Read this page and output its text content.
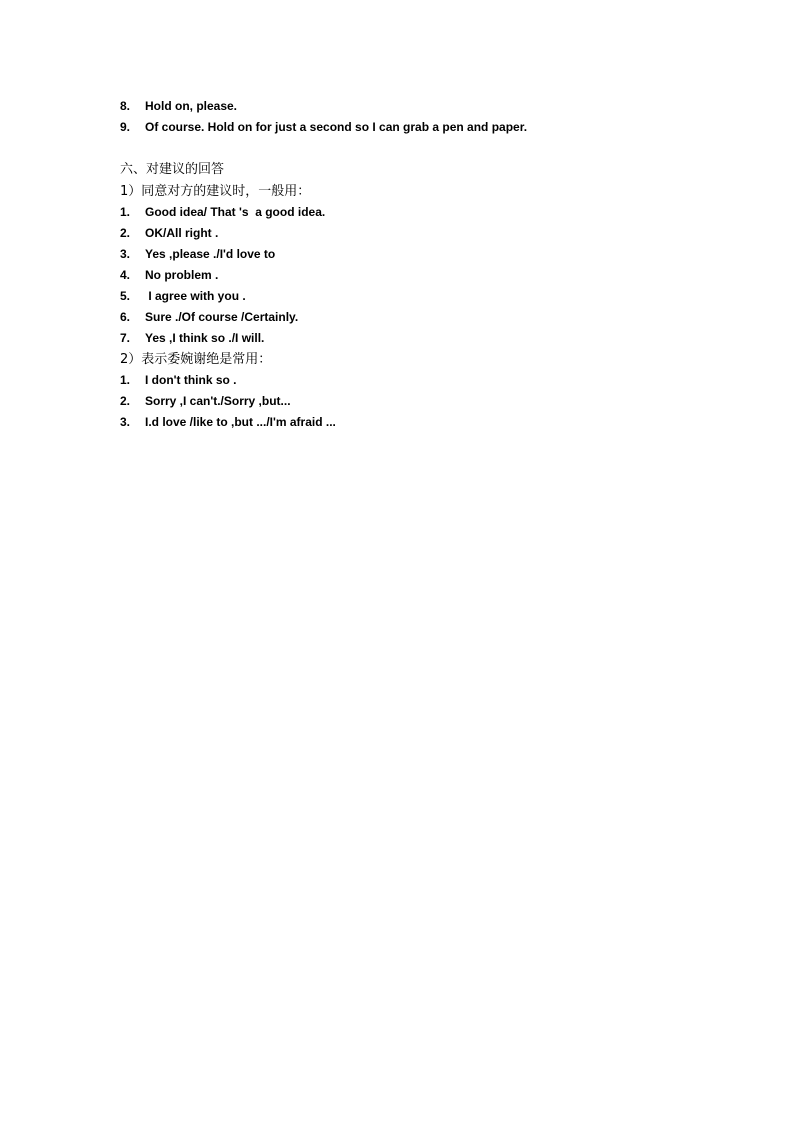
8.	Hold on, please.
9.	Of course. Hold on for just a second so I can grab a pen and paper.
六、对建议的回答
1）同意对方的建议时，一般用：
1.	Good idea/ That 's  a good idea.
2.	OK/All right .
3.	Yes ,please ./I'd love to
4.	No problem .
5.	I agree with you .
6.	Sure ./Of course /Certainly.
7.	Yes ,I think so ./I will.
2）表示委婉谢绝是常用：
1.	I don't think so .
2.	Sorry ,I can't./Sorry ,but...
3.	I.d love /like to ,but .../I'm afraid ...
